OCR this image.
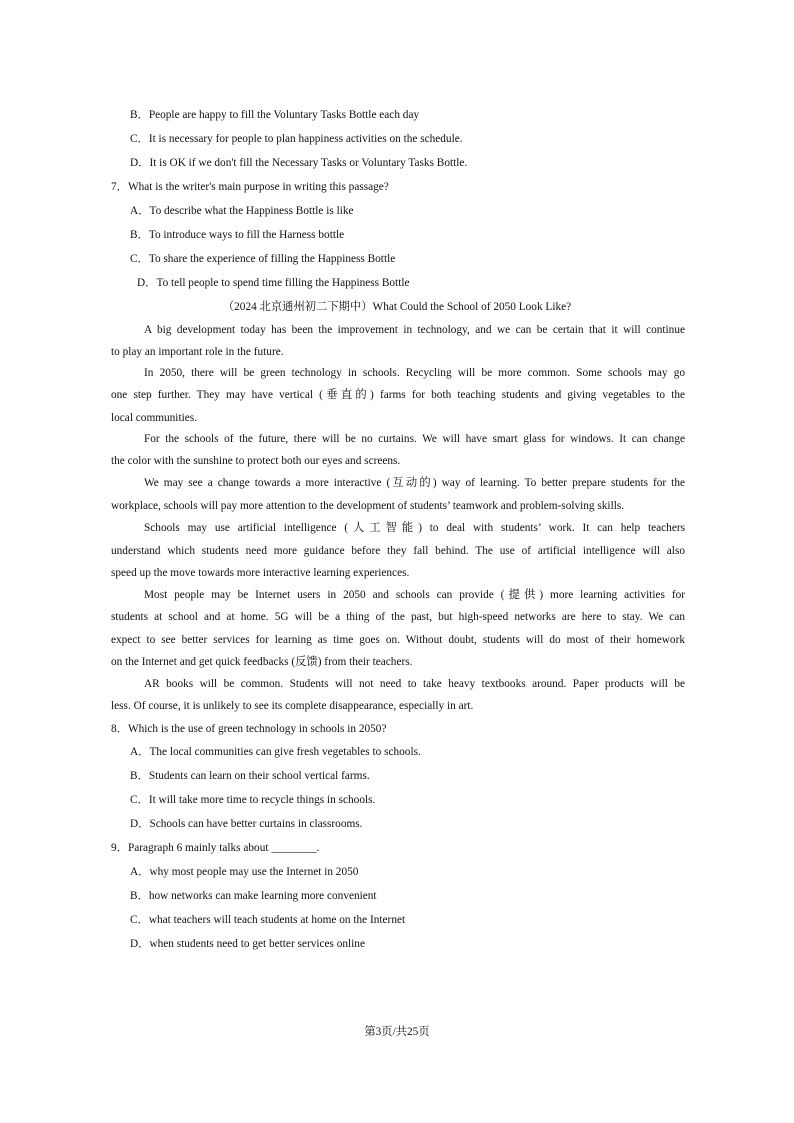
B．People are happy to fill the Voluntary Tasks Bottle each day
C．It is necessary for people to plan happiness activities on the schedule.
D．It is OK if we don't fill the Necessary Tasks or Voluntary Tasks Bottle.
7．What is the writer's main purpose in writing this passage?
A．To describe what the Happiness Bottle is like
B．To introduce ways to fill the Harness bottle
C．To share the experience of filling the Happiness Bottle
D．To tell people to spend time filling the Happiness Bottle
（2024 北京通州初二下期中）What Could the School of 2050 Look Like?
A big development today has been the improvement in technology, and we can be certain that it will continue
to play an important role in the future.
In 2050, there will be green technology in schools. Recycling will be more common. Some schools may go
one step further. They may have vertical (垂直的) farms for both teaching students and giving vegetables to the
local communities.
For the schools of the future, there will be no curtains. We will have smart glass for windows. It can change
the color with the sunshine to protect both our eyes and screens.
We may see a change towards a more interactive (互动的) way of learning. To better prepare students for the
workplace, schools will pay more attention to the development of students’ teamwork and problem-solving skills.
Schools may use artificial intelligence (人工智能) to deal with students’ work. It can help teachers
understand which students need more guidance before they fall behind. The use of artificial intelligence will also
speed up the move towards more interactive learning experiences.
Most people may be Internet users in 2050 and schools can provide (提供) more learning activities for
students at school and at home. 5G will be a thing of the past, but high-speed networks are here to stay. We can
expect to see better services for learning as time goes on. Without doubt, students will do most of their homework
on the Internet and get quick feedbacks (反馈) from their teachers.
AR books will be common. Students will not need to take heavy textbooks around. Paper products will be
less. Of course, it is unlikely to see its complete disappearance, especially in art.
8．Which is the use of green technology in schools in 2050?
A．The local communities can give fresh vegetables to schools.
B．Students can learn on their school vertical farms.
C．It will take more time to recycle things in schools.
D．Schools can have better curtains in classrooms.
9．Paragraph 6 mainly talks about ________.
A．why most people may use the Internet in 2050
B．how networks can make learning more convenient
C．what teachers will teach students at home on the Internet
D．when students need to get better services online
第3页/共25页
